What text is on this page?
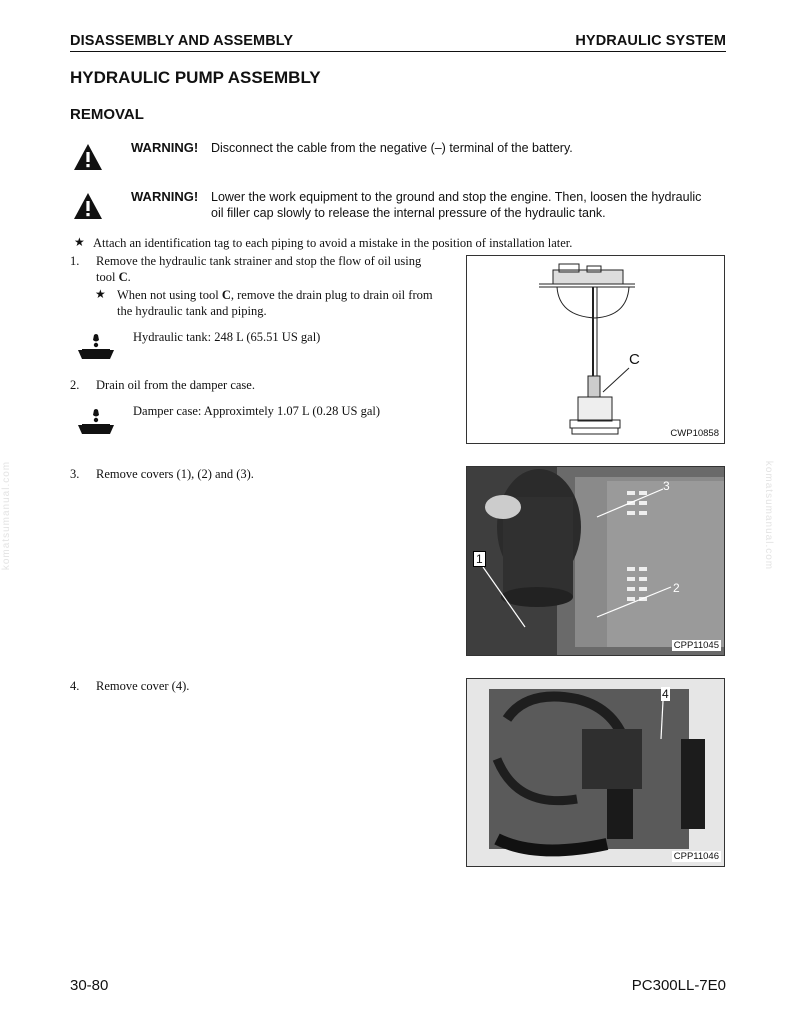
DISASSEMBLY AND ASSEMBLY	HYDRAULIC SYSTEM
HYDRAULIC PUMP ASSEMBLY
REMOVAL
WARNING! Disconnect the cable from the negative (–) terminal of the battery.
WARNING! Lower the work equipment to the ground and stop the engine. Then, loosen the hydraulic
oil filler cap slowly to release the internal pressure of the hydraulic tank.
★ Attach an identification tag to each piping to avoid a mistake in the position of installation later.
1. Remove the hydraulic tank strainer and stop the flow of oil using
tool C.
★ When not using tool C, remove the drain plug to drain oil from
the hydraulic tank and piping.
Hydraulic tank: 248 L (65.51 US gal)
2. Drain oil from the damper case.
Damper case: Approximtely 1.07 L (0.28 US gal)
3. Remove covers (1), (2) and (3).
4. Remove cover (4).
C
CWP10858
3
2
1
CPP11045
4
CPP11046
komatsumanual.com	komatsumanual.com
30-80	PC300LL-7E0
